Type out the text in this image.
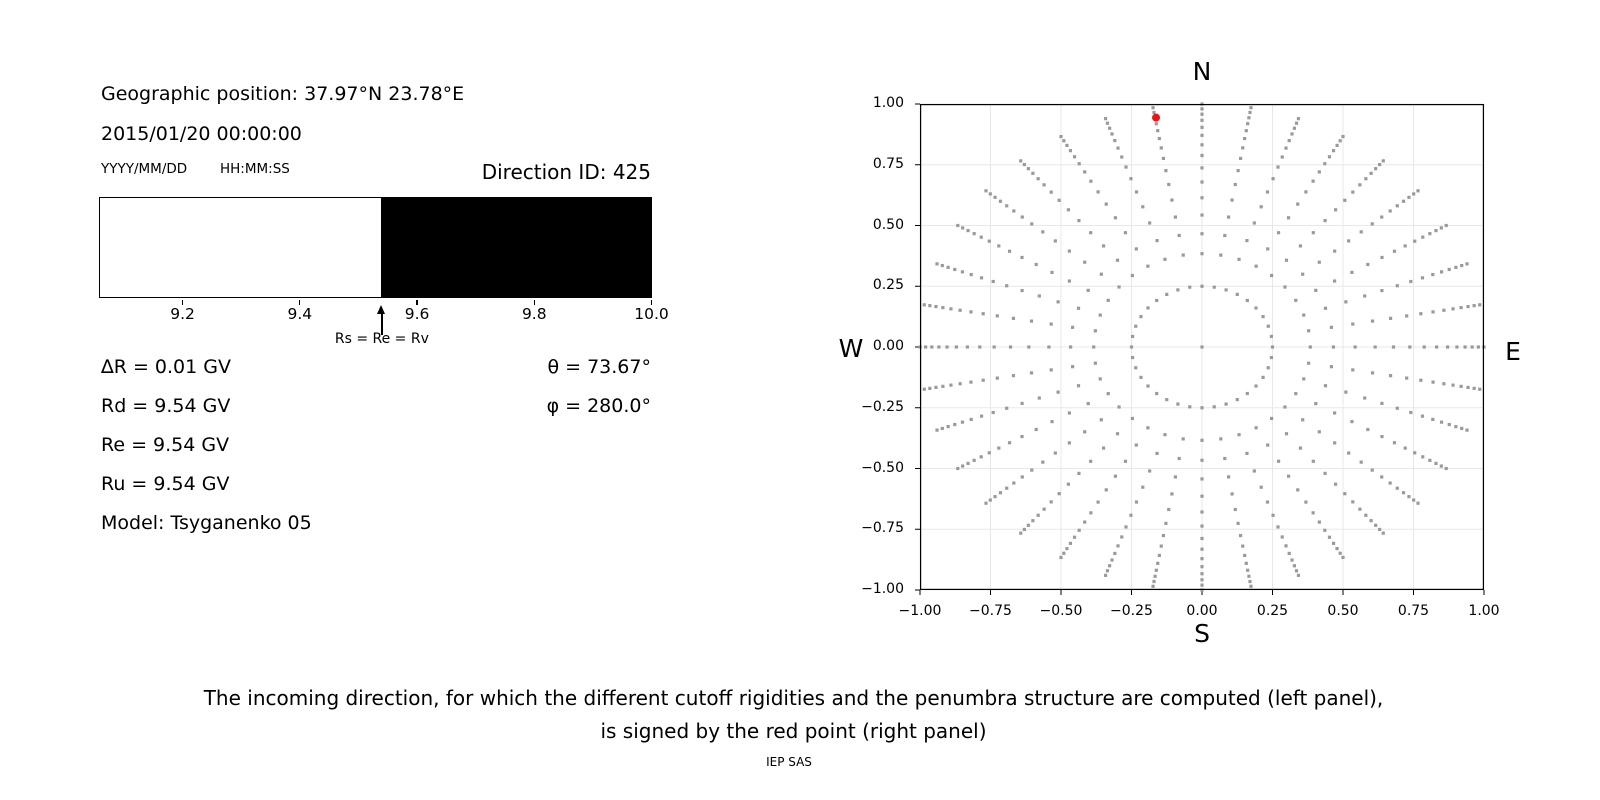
Geographic position: 37.97°N 23.78°E
2015/01/20 00:00:00
YYYY/MM/DD HH:MM:SS	Direction ID: 425
9.2	9.4	9.6	9.8	10.0
Rs = Re = Rv
∆R = 0.01 GV
Rd = 9.54 GV
Re = 9.54 GV
Ru = 9.54 GV
Model: Tsyganenko 05
θ = 73.67°
φ = 280.0°
N
S
W	E
The incoming direction, for which the different cutoff rigidities and the penumbra structure are computed (left panel),
is signed by the red point (right panel)
IEP SAS
−1.00 −0.75 −0.50 −0.25 0.00	0.25	0.50	0.75	1.00
1.00
0.75
0.50
0.25
0.00
−0.25
−0.50
−0.75
−1.00
